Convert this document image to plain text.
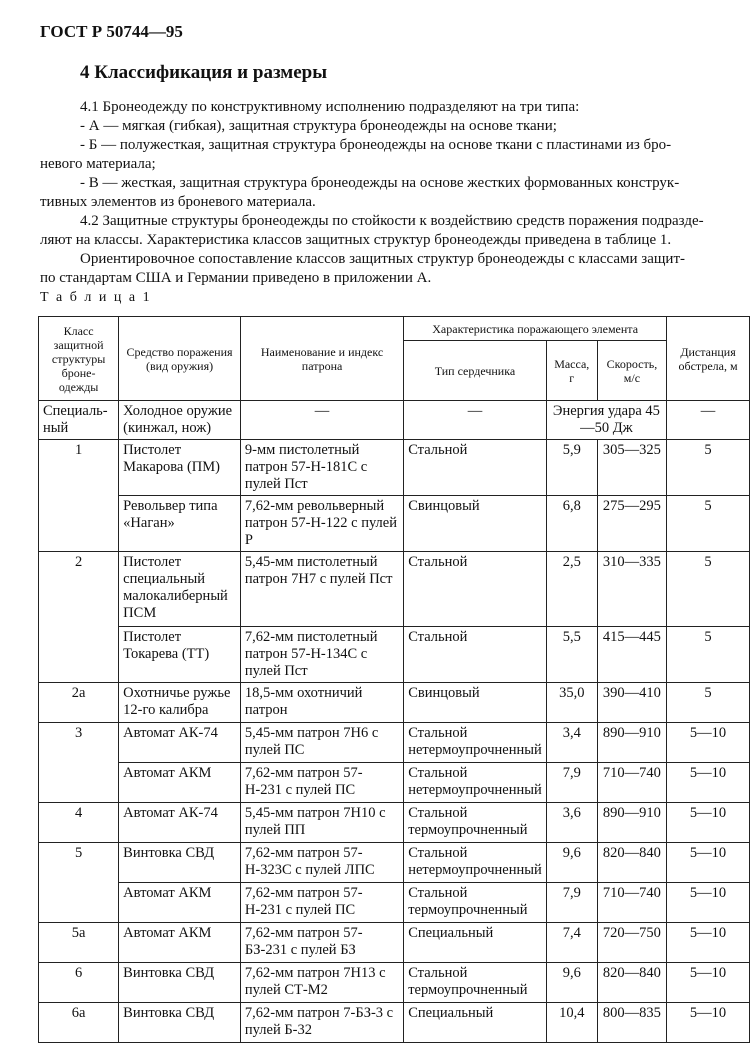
ГОСТ Р 50744—95
4 Классификация и размеры
4.1 Бронеодежду по конструктивному исполнению подразделяют на три типа:
- А — мягкая (гибкая), защитная структура бронеодежды на основе ткани;
- Б — полужесткая, защитная структура бронеодежды на основе ткани с пластинами из бро-
невого материала;
- В — жесткая, защитная структура бронеодежды на основе жестких формованных конструк-
тивных элементов из броневого материала.
4.2 Защитные структуры бронеодежды по стойкости к воздействию средств поражения подразде-
ляют на классы. Характеристика классов защитных структур бронеодежды приведена в таблице 1.
Ориентировочное сопоставление классов защитных структур бронеодежды с классами защит-
по стандартам США и Германии приведено в приложении А.
Т а б л и ц а 1
Класс защитной структуры броне-одежды	Средство поражения (вид оружия)	Наименование и индекс патрона	Характеристика поражающего элемента			Дистанция обстрела, м
			Тип сердечника	Масса, г	Скорость, м/с	
Специаль-ный	Холодное оружие (кинжал, нож)	—	—	Энергия удара 45—50 Дж		—
1	Пистолет Макарова (ПМ)	9-мм пистолетный патрон 57-Н-181С с пулей Пст	Стальной	5,9	305—325	5
	Револьвер типа «Наган»	7,62-мм револьверный патрон 57-Н-122 с пулей Р	Свинцовый	6,8	275—295	5
2	Пистолет специальный малокалиберный ПСМ	5,45-мм пистолетный патрон 7Н7 с пулей Пст	Стальной	2,5	310—335	5
	Пистолет Токарева (ТТ)	7,62-мм пистолетный патрон 57-Н-134С с пулей Пст	Стальной	5,5	415—445	5
2а	Охотничье ружье 12-го калибра	18,5-мм охотничий патрон	Свинцовый	35,0	390—410	5
3	Автомат АК-74	5,45-мм патрон 7Н6 с пулей ПС	Стальной нетермоупрочненный	3,4	890—910	5—10
	Автомат АКМ	7,62-мм патрон 57-Н-231 с пулей ПС	Стальной нетермоупрочненный	7,9	710—740	5—10
4	Автомат АК-74	5,45-мм патрон 7Н10 с пулей ПП	Стальной термоупрочненный	3,6	890—910	5—10
5	Винтовка СВД	7,62-мм патрон 57-Н-323С с пулей ЛПС	Стальной нетермоупрочненный	9,6	820—840	5—10
	Автомат АКМ	7,62-мм патрон 57-Н-231 с пулей ПС	Стальной термоупрочненный	7,9	710—740	5—10
5а	Автомат АКМ	7,62-мм патрон 57-БЗ-231 с пулей БЗ	Специальный	7,4	720—750	5—10
6	Винтовка СВД	7,62-мм патрон 7Н13 с пулей СТ-М2	Стальной термоупрочненный	9,6	820—840	5—10
6а	Винтовка СВД	7,62-мм патрон 7-БЗ-3 с пулей Б-32	Специальный	10,4	800—835	5—10
